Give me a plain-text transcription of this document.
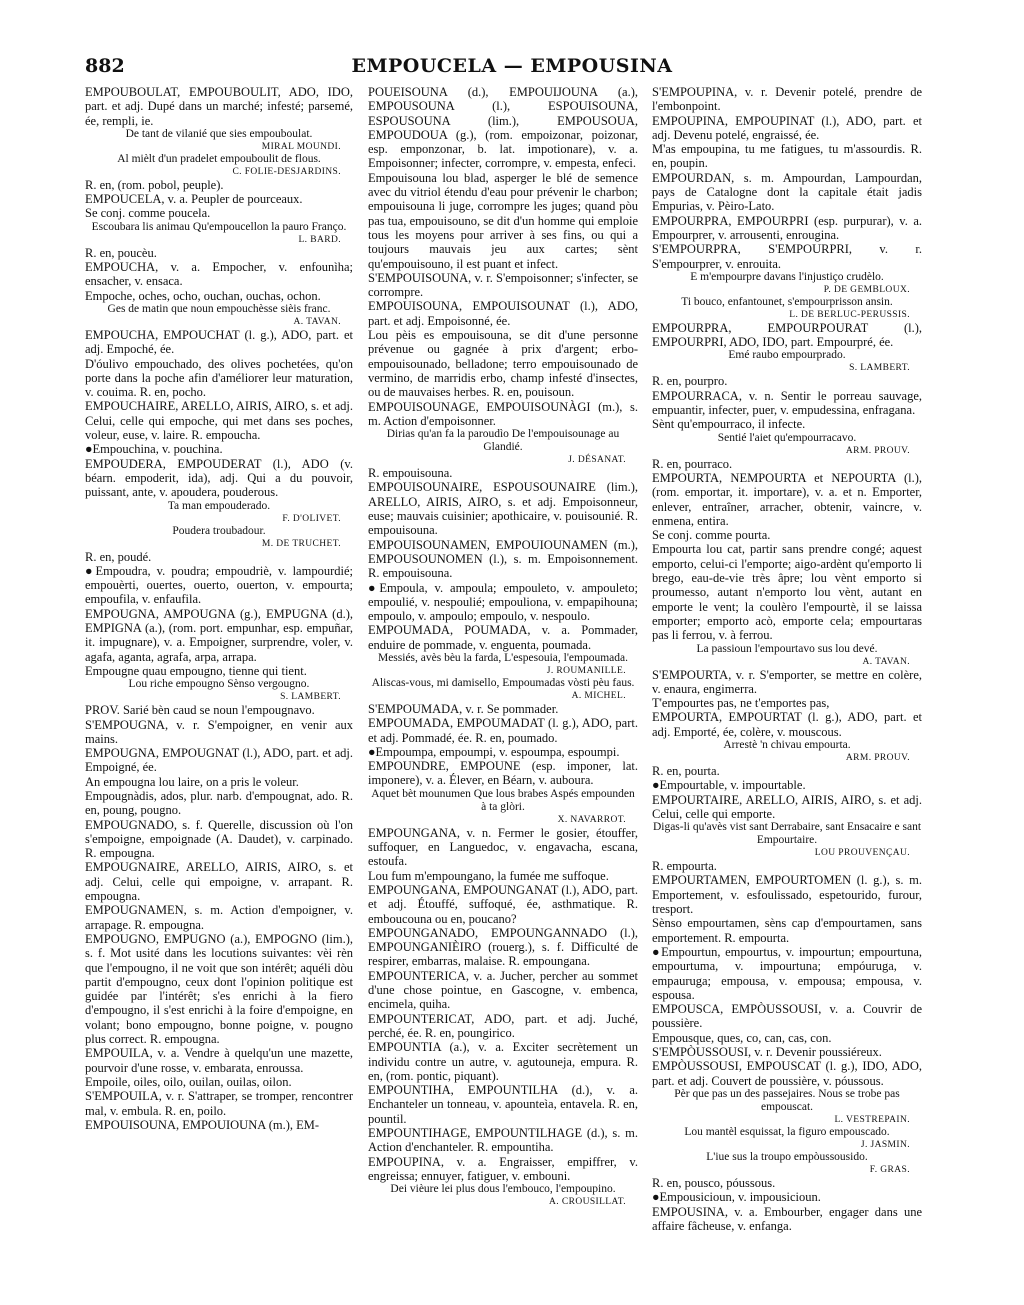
882	EMPOUCELA — EMPOUSINA

EMPOUBOULAT, EMPOUBOULIT, ADO, IDO, part. et adj. Dupé dans un marché; infesté; parsemé, ée, rempli, ie.

De tant de vilanié que sies empouboulat.

MIRAL MOUNDI.

Al mièlt d'un pradelet empouboulit de flous.

C. FOLIE-DESJARDINS.

R. en, (rom. pobol, peuple).

EMPOUCELA, v. a. Peupler de pourceaux.

Se conj. comme poucela.

Escoubara lis animau Qu'empoucellon la pauro Franço.

L. BARD.

R. en, poucèu.

EMPOUCHA, v. a. Empocher, v. enfounìha; ensacher, v. ensaca.

Empoche, oches, ocho, ouchan, ouchas, ochon.

Ges de matin que noun empouchèsse sièis franc.

A. TAVAN.

EMPOUCHA, EMPOUCHAT (l. g.), ADO, part. et adj. Empoché, ée.

D'óulivo empouchado, des olives pochetées, qu'on porte dans la poche afin d'améliorer leur maturation, v. couima. R. en, pocho.

EMPOUCHAIRE, ARELLO, AIRIS, AIRO, s. et adj. Celui, celle qui empoche, qui met dans ses poches, voleur, euse, v. laire. R. empoucha.

●Empouchina, v. pouchina.

EMPOUDERA, EMPOUDERAT (l.), ADO (v. béarn. empoderit, ida), adj. Qui a du pouvoir, puissant, ante, v. apoudera, pouderous.

Ta man empouderado.

F. D'OLIVET.

Poudera troubadour.

M. DE TRUCHET.

R. en, poudé.

●Empoudra, v. poudra; empoudriè, v. lampourdié; empouèrti, ouertes, ouerto, ouerton, v. empourta; empoufila, v. enfaufila.

EMPOUGNA, AMPOUGNA (g.), EMPUGNA (d.), EMPIGNA (a.), (rom. port. empunhar, esp. empuñar, it. impugnare), v. a. Empoigner, surprendre, voler, v. agafa, aganta, agrafa, arpa, arrapa.

Empougne quau empougno, tienne qui tient.

Lou riche empougno Sènso vergougno.

S. LAMBERT.

PROV. Sarié bèn caud se noun l'empougnavo.

S'EMPOUGNA, v. r. S'empoigner, en venir aux mains.

EMPOUGNA, EMPOUGNAT (l.), ADO, part. et adj. Empoigné, ée.

An empougna lou laire, on a pris le voleur.

Empougnàdis, ados, plur. narb. d'empougnat, ado. R. en, poung, pougno.

EMPOUGNADO, s. f. Querelle, discussion où l'on s'empoigne, empoignade (A. Daudet), v. carpinado. R. empougna.

EMPOUGNAIRE, ARELLO, AIRIS, AIRO, s. et adj. Celui, celle qui empoigne, v. arrapant. R. empougna.

EMPOUGNAMEN, s. m. Action d'empoigner, v. arrapage. R. empougna.

EMPOUGNO, EMPUGNO (a.), EMPOGNO (lim.), s. f. Mot usité dans les locutions suivantes: vèi rèn que l'empougno, il ne voit que son intérêt; aquéli dòu partit d'empougno, ceux dont l'opinion politique est guidée par l'intérêt; s'es enrichi à la fiero d'empougno, il s'est enrichi à la foire d'empoigne, en volant; bono empougno, bonne poigne, v. pougno plus correct. R. empougna.

EMPOUILA, v. a. Vendre à quelqu'un une mazette, pourvoir d'une rosse, v. embarata, enroussa.

Empoile, oiles, oilo, ouilan, ouilas, oilon.

S'EMPOUILA, v. r. S'attraper, se tromper, rencontrer mal, v. embula. R. en, poilo.

EMPOUISOUNA, EMPOUIOUNA (m.), EM-

POUEISOUNA (d.), EMPOUIJOUNA (a.), EMPOUSOUNA (l.), ESPOUISOUNA, ESPOUSOUNA (lim.), EMPOUSOUA, EMPOUDOUA (g.), (rom. empoizonar, poizonar, esp. emponzonar, b. lat. impotionare), v. a. Empoisonner; infecter, corrompre, v. empesta, enfeci.

Empouisouna lou blad, asperger le blé de semence avec du vitriol étendu d'eau pour prévenir le charbon; empouisouna li juge, corrompre les juges; quand pòu pas tua, empouisouno, se dit d'un homme qui emploie tous les moyens pour arriver à ses fins, ou qui a toujours mauvais jeu aux cartes; sènt qu'empouisouno, il est puant et infect.

S'EMPOUISOUNA, v. r. S'empoisonner; s'infecter, se corrompre.

EMPOUISOUNA, EMPOUISOUNAT (l.), ADO, part. et adj. Empoisonné, ée.

Lou pèis es empouisouna, se dit d'une personne prévenue ou gagnée à prix d'argent; erbo-empouisounado, belladone; terro empouisounado de vermino, de marridis erbo, champ infesté d'insectes, ou de mauvaises herbes. R. en, pouisoun.

EMPOUISOUNAGE, EMPOUISOUNÀGI (m.), s. m. Action d'empoisonner.

Dirias qu'an fa la paroudìo De l'empouisounage au Glandié.

J. DÉSANAT.

R. empouisouna.

EMPOUISOUNAIRE, ESPOUSOUNAIRE (lim.), ARELLO, AIRIS, AIRO, s. et adj. Empoisonneur, euse; mauvais cuisinier; apothicaire, v. pouisounié. R. empouisouna.

EMPOUISOUNAMEN, EMPOUIOUNAMEN (m.), EMPOUSOUNOMEN (l.), s. m. Empoisonnement. R. empouisouna.

●Empoula, v. ampoula; empouleto, v. ampouleto; empoulié, v. nespoulié; empouliona, v. empapihouna; empoulo, v. ampoulo; empoulo, v. nespoulo.

EMPOUMADA, POUMADA, v. a. Pommader, enduire de pommade, v. enguenta, poumada.

Messiés, avès bèu la farda, L'espesouia, l'empoumada.

J. ROUMANILLE.

Aliscas-vous, mi damisello, Empoumadas vòsti pèu faus.

A. MICHEL.

S'EMPOUMADA, v. r. Se pommader.

EMPOUMADA, EMPOUMADAT (l. g.), ADO, part. et adj. Pommadé, ée. R. en, poumado.

●Empoumpa, empoumpi, v. espoumpa, espoumpi.

EMPOUNDRE, EMPOUNE (esp. imponer, lat. imponere), v. a. Élever, en Béarn, v. auboura.

Aquet bèt mounumen Que lous brabes Aspés empounden à ta glòri.

X. NAVARROT.

EMPOUNGANA, v. n. Fermer le gosier, étouffer, suffoquer, en Languedoc, v. engavacha, escana, estoufa.

Lou fum m'empoungano, la fumée me suffoque.

EMPOUNGANA, EMPOUNGANAT (l.), ADO, part. et adj. Étouffé, suffoqué, ée, asthmatique. R. emboucouna ou en, poucano?

EMPOUNGANADO, EMPOUNGANNADO (l.), EMPOUNGANIÈIRO (rouerg.), s. f. Difficulté de respirer, embarras, malaise. R. empoungana.

EMPOUNTERICA, v. a. Jucher, percher au sommet d'une chose pointue, en Gascogne, v. embenca, encimela, quiha.

EMPOUNTERICAT, ADO, part. et adj. Juché, perché, ée. R. en, poungirico.

EMPOUNTIA (a.), v. a. Exciter secrètement un individu contre un autre, v. agutouneja, empura. R. en, (rom. pontic, piquant).

EMPOUNTIHA, EMPOUNTILHA (d.), v. a. Enchanteler un tonneau, v. apounteìa, entavela. R. en, pountil.

EMPOUNTIHAGE, EMPOUNTILHAGE (d.), s. m. Action d'enchanteler. R. empountiha.

EMPOUPINA, v. a. Engraisser, empiffrer, v. engreissa; ennuyer, fatiguer, v. embouni.

Dei vièure lei plus dous l'embouco, l'empoupino.

A. CROUSILLAT.

S'EMPOUPINA, v. r. Devenir potelé, prendre de l'embonpoint.

EMPOUPINA, EMPOUPINAT (l.), ADO, part. et adj. Devenu potelé, engraissé, ée.

M'as empoupina, tu me fatigues, tu m'assourdis. R. en, poupin.

EMPOURDAN, s. m. Ampourdan, Lampourdan, pays de Catalogne dont la capitale était jadis Empurias, v. Pèiro-Lato.

EMPOURPRA, EMPOURPRI (esp. purpurar), v. a. Empourprer, v. arrousenti, enrougina.

S'EMPOURPRA, S'EMPOURPRI, v. r. S'empourprer, v. enrouita.

E m'empourpre davans l'injustiço crudèlo.

P. DE GEMBLOUX.

Ti bouco, enfantounet, s'empourprisson ansin.

L. DE BERLUC-PERUSSIS.

EMPOURPRA, EMPOURPOURAT (l.), EMPOURPRI, ADO, IDO, part. Empourpré, ée.

Emé raubo empourprado.

S. LAMBERT.

R. en, pourpro.

EMPOURRACA, v. n. Sentir le porreau sauvage, empuantir, infecter, puer, v. empudessina, enfragana.

Sènt qu'empourraco, il infecte.

Sentié l'aiet qu'empourracavo.

ARM. PROUV.

R. en, pourraco.

EMPOURTA, NEMPOURTA et NEPOURTA (l.), (rom. emportar, it. importare), v. a. et n. Emporter, enlever, entraîner, arracher, obtenir, vaincre, v. enmena, entira.

Se conj. comme pourta.

Empourta lou cat, partir sans prendre congé; aquest emporto, celui-ci l'emporte; aigo-ardènt qu'emporto li brego, eau-de-vie très âpre; lou vènt emporto si proumesso, autant n'emporto lou vènt, autant en emporte le vent; la coulèro l'empourtè, il se laissa emporter; emporto acò, emporte cela; empourtaras pas li ferrou, v. à ferrou.

La passioun l'empourtavo sus lou devé.

A. TAVAN.

S'EMPOURTA, v. r. S'emporter, se mettre en colère, v. enaura, engimerra.

T'empourtes pas, ne t'emportes pas,

EMPOURTA, EMPOURTAT (l. g.), ADO, part. et adj. Emporté, ée, colère, v. mouscous.

Arrestè 'n chivau empourta.

ARM. PROUV.

R. en, pourta.

●Empourtable, v. impourtable.

EMPOURTAIRE, ARELLO, AIRIS, AIRO, s. et adj. Celui, celle qui emporte.

Digas-li qu'avès vist sant Derrabaire, sant Ensacaire e sant Empourtaire.

LOU PROUVENÇAU.

R. empourta.

EMPOURTAMEN, EMPOURTOMEN (l. g.), s. m. Emportement, v. esfoulissado, espetourido, furour, tresport.

Sènso empourtamen, sèns cap d'empourtamen, sans emportement. R. empourta.

●Empourtun, empourtus, v. impourtun; empourtuna, empourtuma, v. impourtuna; empóuruga, v. empauruga; empousa, v. empousa; empousa, v. espousa.

EMPOUSCA, EMPÒUSSOUSI, v. a. Couvrir de poussière.

Empousque, ques, co, can, cas, con.

S'EMPÒUSSOUSI, v. r. Devenir poussiéreux.

EMPÒUSSOUSI, EMPOUSCAT (l. g.), IDO, ADO, part. et adj. Couvert de poussière, v. póussous.

Pèr que pas un des passejaires. Nous se trobe pas empouscat.

L. VESTREPAIN.

Lou mantèl esquissat, la figuro empouscado.

J. JASMIN.

L'iue sus la troupo empòussousido.

F. GRAS.

R. en, pousco, póussous.

●Empousicioun, v. impousicioun.

EMPOUSINA, v. a. Embourber, engager dans une affaire fâcheuse, v. enfanga.
